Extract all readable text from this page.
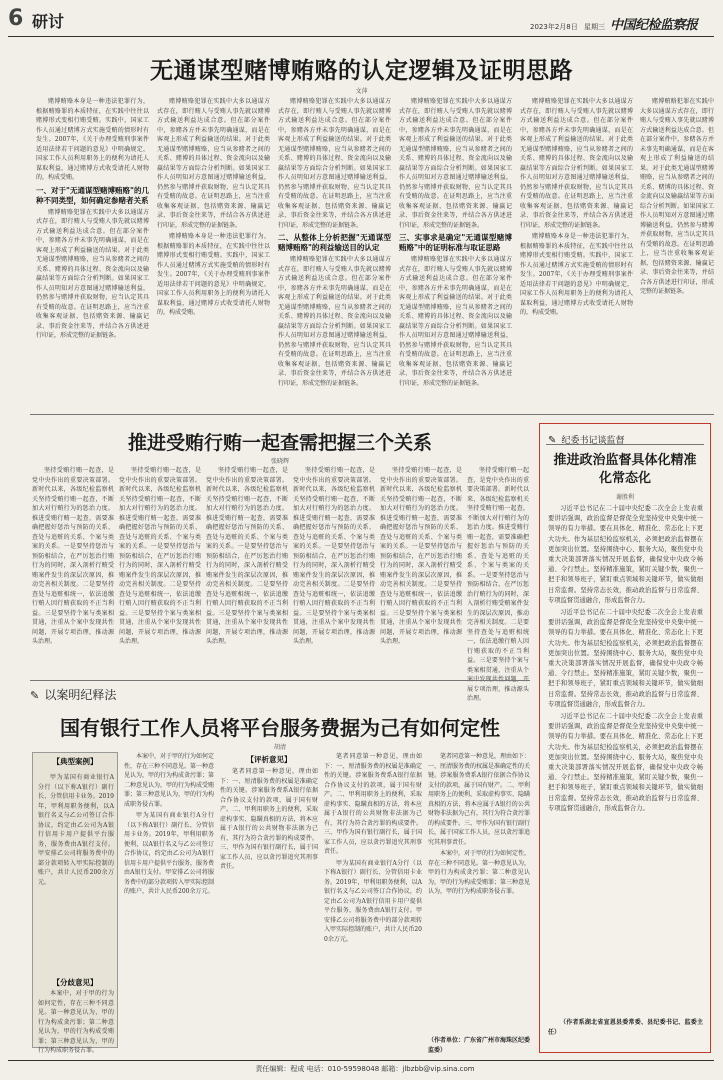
6 研讨	2023年2月8日 星期三 中国纪检监察报
无通谋型赌博贿赂的认定逻辑及证明思路
文萍

赌博贿赂本身是一种违法犯罪行为，根据贿赂罪的本质特征，在实践中往往以赌博形式变相行贿受贿。实践中，国家工作人员通过赌博方式实施受贿的情形时有发生。2007年，《关于办理受贿刑事案件适用法律若干问题的意见》中明确规定，国家工作人员利用职务上的便利为请托人谋取利益，通过赌博方式收受请托人财物的，构成受贿。

一、对于"无通谋型赌博贿赂"的几种不同类型，如何确定参赌者关系

赌博贿赂犯罪在实践中大多以通谋方式存在，即行贿人与受贿人事先就以赌博方式输送利益达成合意。但在部分案件中，参赌各方并未事先明确通谋，而是在客观上形成了利益输送的结果。对于此类无通谋型赌博贿赂，应当从参赌者之间的关系、赌博的具体过程、资金流向以及输赢结果等方面综合分析判断。如果国家工作人员明知对方意图通过赌博输送利益，仍然参与赌博并获取财物，应当认定其具有受贿的故意。在证明思路上，应当注重收集客观证据，包括赌资来源、输赢记录、事后资金往来等，并结合各方供述进行印证，形成完整的证据链条。

赌博贿赂犯罪在实践中大多以通谋方式存在，即行贿人与受贿人事先就以赌博方式输送利益达成合意。但在部分案件中，参赌各方并未事先明确通谋，而是在客观上形成了利益输送的结果。对于此类无通谋型赌博贿赂，应当从参赌者之间的关系、赌博的具体过程、资金流向以及输赢结果等方面综合分析判断。如果国家工作人员明知对方意图通过赌博输送利益，仍然参与赌博并获取财物，应当认定其具有受贿的故意。在证明思路上，应当注重收集客观证据，包括赌资来源、输赢记录、事后资金往来等，并结合各方供述进行印证，形成完整的证据链条。

赌博贿赂本身是一种违法犯罪行为，根据贿赂罪的本质特征，在实践中往往以赌博形式变相行贿受贿。实践中，国家工作人员通过赌博方式实施受贿的情形时有发生。2007年，《关于办理受贿刑事案件适用法律若干问题的意见》中明确规定，国家工作人员利用职务上的便利为请托人谋取利益，通过赌博方式收受请托人财物的，构成受贿。

赌博贿赂犯罪在实践中大多以通谋方式存在，即行贿人与受贿人事先就以赌博方式输送利益达成合意。但在部分案件中，参赌各方并未事先明确通谋，而是在客观上形成了利益输送的结果。对于此类无通谋型赌博贿赂，应当从参赌者之间的关系、赌博的具体过程、资金流向以及输赢结果等方面综合分析判断。如果国家工作人员明知对方意图通过赌博输送利益，仍然参与赌博并获取财物，应当认定其具有受贿的故意。在证明思路上，应当注重收集客观证据，包括赌资来源、输赢记录、事后资金往来等，并结合各方供述进行印证，形成完整的证据链条。

二、从整体上分析把握"无通谋型赌博贿赂"的利益输送目的认定

赌博贿赂犯罪在实践中大多以通谋方式存在，即行贿人与受贿人事先就以赌博方式输送利益达成合意。但在部分案件中，参赌各方并未事先明确通谋，而是在客观上形成了利益输送的结果。对于此类无通谋型赌博贿赂，应当从参赌者之间的关系、赌博的具体过程、资金流向以及输赢结果等方面综合分析判断。如果国家工作人员明知对方意图通过赌博输送利益，仍然参与赌博并获取财物，应当认定其具有受贿的故意。在证明思路上，应当注重收集客观证据，包括赌资来源、输赢记录、事后资金往来等，并结合各方供述进行印证，形成完整的证据链条。

赌博贿赂犯罪在实践中大多以通谋方式存在，即行贿人与受贿人事先就以赌博方式输送利益达成合意。但在部分案件中，参赌各方并未事先明确通谋，而是在客观上形成了利益输送的结果。对于此类无通谋型赌博贿赂，应当从参赌者之间的关系、赌博的具体过程、资金流向以及输赢结果等方面综合分析判断。如果国家工作人员明知对方意图通过赌博输送利益，仍然参与赌博并获取财物，应当认定其具有受贿的故意。在证明思路上，应当注重收集客观证据，包括赌资来源、输赢记录、事后资金往来等，并结合各方供述进行印证，形成完整的证据链条。

三、实事求是确定"无通谋型赌博贿赂"中的证明标准与取证思路

赌博贿赂犯罪在实践中大多以通谋方式存在，即行贿人与受贿人事先就以赌博方式输送利益达成合意。但在部分案件中，参赌各方并未事先明确通谋，而是在客观上形成了利益输送的结果。对于此类无通谋型赌博贿赂，应当从参赌者之间的关系、赌博的具体过程、资金流向以及输赢结果等方面综合分析判断。如果国家工作人员明知对方意图通过赌博输送利益，仍然参与赌博并获取财物，应当认定其具有受贿的故意。在证明思路上，应当注重收集客观证据，包括赌资来源、输赢记录、事后资金往来等，并结合各方供述进行印证，形成完整的证据链条。

赌博贿赂犯罪在实践中大多以通谋方式存在，即行贿人与受贿人事先就以赌博方式输送利益达成合意。但在部分案件中，参赌各方并未事先明确通谋，而是在客观上形成了利益输送的结果。对于此类无通谋型赌博贿赂，应当从参赌者之间的关系、赌博的具体过程、资金流向以及输赢结果等方面综合分析判断。如果国家工作人员明知对方意图通过赌博输送利益，仍然参与赌博并获取财物，应当认定其具有受贿的故意。在证明思路上，应当注重收集客观证据，包括赌资来源、输赢记录、事后资金往来等，并结合各方供述进行印证，形成完整的证据链条。

赌博贿赂本身是一种违法犯罪行为，根据贿赂罪的本质特征，在实践中往往以赌博形式变相行贿受贿。实践中，国家工作人员通过赌博方式实施受贿的情形时有发生。2007年，《关于办理受贿刑事案件适用法律若干问题的意见》中明确规定，国家工作人员利用职务上的便利为请托人谋取利益，通过赌博方式收受请托人财物的，构成受贿。

赌博贿赂犯罪在实践中大多以通谋方式存在，即行贿人与受贿人事先就以赌博方式输送利益达成合意。但在部分案件中，参赌各方并未事先明确通谋，而是在客观上形成了利益输送的结果。对于此类无通谋型赌博贿赂，应当从参赌者之间的关系、赌博的具体过程、资金流向以及输赢结果等方面综合分析判断。如果国家工作人员明知对方意图通过赌博输送利益，仍然参与赌博并获取财物，应当认定其具有受贿的故意。在证明思路上，应当注重收集客观证据，包括赌资来源、输赢记录、事后资金往来等，并结合各方供述进行印证，形成完整的证据链条。

推进受贿行贿一起查需把握三个关系
张晓辉

坚持受贿行贿一起查，是党中央作出的重要决策部署。新时代以来，各级纪检监察机关坚持受贿行贿一起查，不断加大对行贿行为的惩治力度。推进受贿行贿一起查，需要准确把握好惩治与预防的关系、查处与追赃的关系、个案与类案的关系。一是要坚持惩治与预防相结合，在严厉惩治行贿行为的同时，深入剖析行贿受贿案件发生的深层次原因，推动完善相关制度。二是要坚持查处与追赃相统一，依法追缴行贿人因行贿获取的不正当利益。三是要坚持个案与类案相贯通，注重从个案中发现共性问题，开展专项治理，推动源头治理。

坚持受贿行贿一起查，是党中央作出的重要决策部署。新时代以来，各级纪检监察机关坚持受贿行贿一起查，不断加大对行贿行为的惩治力度。推进受贿行贿一起查，需要准确把握好惩治与预防的关系、查处与追赃的关系、个案与类案的关系。一是要坚持惩治与预防相结合，在严厉惩治行贿行为的同时，深入剖析行贿受贿案件发生的深层次原因，推动完善相关制度。二是要坚持查处与追赃相统一，依法追缴行贿人因行贿获取的不正当利益。三是要坚持个案与类案相贯通，注重从个案中发现共性问题，开展专项治理，推动源头治理。

坚持受贿行贿一起查，是党中央作出的重要决策部署。新时代以来，各级纪检监察机关坚持受贿行贿一起查，不断加大对行贿行为的惩治力度。推进受贿行贿一起查，需要准确把握好惩治与预防的关系、查处与追赃的关系、个案与类案的关系。一是要坚持惩治与预防相结合，在严厉惩治行贿行为的同时，深入剖析行贿受贿案件发生的深层次原因，推动完善相关制度。二是要坚持查处与追赃相统一，依法追缴行贿人因行贿获取的不正当利益。三是要坚持个案与类案相贯通，注重从个案中发现共性问题，开展专项治理，推动源头治理。

坚持受贿行贿一起查，是党中央作出的重要决策部署。新时代以来，各级纪检监察机关坚持受贿行贿一起查，不断加大对行贿行为的惩治力度。推进受贿行贿一起查，需要准确把握好惩治与预防的关系、查处与追赃的关系、个案与类案的关系。一是要坚持惩治与预防相结合，在严厉惩治行贿行为的同时，深入剖析行贿受贿案件发生的深层次原因，推动完善相关制度。二是要坚持查处与追赃相统一，依法追缴行贿人因行贿获取的不正当利益。三是要坚持个案与类案相贯通，注重从个案中发现共性问题，开展专项治理，推动源头治理。

坚持受贿行贿一起查，是党中央作出的重要决策部署。新时代以来，各级纪检监察机关坚持受贿行贿一起查，不断加大对行贿行为的惩治力度。推进受贿行贿一起查，需要准确把握好惩治与预防的关系、查处与追赃的关系、个案与类案的关系。一是要坚持惩治与预防相结合，在严厉惩治行贿行为的同时，深入剖析行贿受贿案件发生的深层次原因，推动完善相关制度。二是要坚持查处与追赃相统一，依法追缴行贿人因行贿获取的不正当利益。三是要坚持个案与类案相贯通，注重从个案中发现共性问题，开展专项治理，推动源头治理。

坚持受贿行贿一起查，是党中央作出的重要决策部署。新时代以来，各级纪检监察机关坚持受贿行贿一起查，不断加大对行贿行为的惩治力度。推进受贿行贿一起查，需要准确把握好惩治与预防的关系、查处与追赃的关系、个案与类案的关系。一是要坚持惩治与预防相结合，在严厉惩治行贿行为的同时，深入剖析行贿受贿案件发生的深层次原因，推动完善相关制度。二是要坚持查处与追赃相统一，依法追缴行贿人因行贿获取的不正当利益。三是要坚持个案与类案相贯通，注重从个案中发现共性问题，开展专项治理，推动源头治理。

✎ 纪委书记谈监督
推进政治监督具体化精准化常态化
谢胜利

习近平总书记在二十届中央纪委二次全会上发表重要讲话强调，政治监督是督促全党坚持党中央集中统一领导的有力举措。要在具体化、精准化、常态化上下更大功夫。作为基层纪检监察机关，必须把政治监督摆在更加突出位置。坚持围绕中心、服务大局，聚焦党中央重大决策部署落实情况开展监督，确保党中央政令畅通、令行禁止。坚持精准施策，紧盯关键少数，聚焦一把手和领导班子，紧盯重点领域和关键环节，做实做细日常监督。坚持常态长效，推动政治监督与日常监督、专项监督贯通融合，形成监督合力。

习近平总书记在二十届中央纪委二次全会上发表重要讲话强调，政治监督是督促全党坚持党中央集中统一领导的有力举措。要在具体化、精准化、常态化上下更大功夫。作为基层纪检监察机关，必须把政治监督摆在更加突出位置。坚持围绕中心、服务大局，聚焦党中央重大决策部署落实情况开展监督，确保党中央政令畅通、令行禁止。坚持精准施策，紧盯关键少数，聚焦一把手和领导班子，紧盯重点领域和关键环节，做实做细日常监督。坚持常态长效，推动政治监督与日常监督、专项监督贯通融合，形成监督合力。

习近平总书记在二十届中央纪委二次全会上发表重要讲话强调，政治监督是督促全党坚持党中央集中统一领导的有力举措。要在具体化、精准化、常态化上下更大功夫。作为基层纪检监察机关，必须把政治监督摆在更加突出位置。坚持围绕中心、服务大局，聚焦党中央重大决策部署落实情况开展监督，确保党中央政令畅通、令行禁止。坚持精准施策，紧盯关键少数，聚焦一把手和领导班子，紧盯重点领域和关键环节，做实做细日常监督。坚持常态长效，推动政治监督与日常监督、专项监督贯通融合，形成监督合力。

（作者系湖北省宣恩县委常委、县纪委书记、监委主任）
✎ 以案明纪释法
国有银行工作人员将平台服务费据为己有如何定性
胡清
【典型案例】

甲为某国有商业银行A分行（以下称A银行）副行长、分管信用卡业务。2019年，甲利用职务便利，以A银行名义与乙公司签订合作协议，约定由乙公司为A银行信用卡用户提供平台服务，服务费由A银行支付。甲安排乙公司将服务费中的部分款项转入甲实际控制的账户，共计人民币200余万元。

【分歧意见】

本案中，对于甲的行为如何定性，存在三种不同意见。第一种意见认为，甲的行为构成贪污罪；第二种意见认为，甲的行为构成受贿罪；第三种意见认为，甲的行为构成职务侵占罪。

本案中，对于甲的行为如何定性，存在三种不同意见。第一种意见认为，甲的行为构成贪污罪；第二种意见认为，甲的行为构成受贿罪；第三种意见认为，甲的行为构成职务侵占罪。

甲为某国有商业银行A分行（以下称A银行）副行长、分管信用卡业务。2019年，甲利用职务便利，以A银行名义与乙公司签订合作协议，约定由乙公司为A银行信用卡用户提供平台服务，服务费由A银行支付。甲安排乙公司将服务费中的部分款项转入甲实际控制的账户，共计人民币200余万元。

【评析意见】

笔者同意第一种意见，理由如下：一、厘清服务费的权属是准确定性的关键。涉案服务费系A银行依据合作协议支付的款项，属于国有财产。二、甲利用职务上的便利，采取虚构事实、隐瞒真相的方法，将本应属于A银行的公共财物非法据为己有，其行为符合贪污罪的构成要件。三、甲作为国有银行副行长，属于国家工作人员，应以贪污罪追究其刑事责任。

笔者同意第一种意见，理由如下：一、厘清服务费的权属是准确定性的关键。涉案服务费系A银行依据合作协议支付的款项，属于国有财产。二、甲利用职务上的便利，采取虚构事实、隐瞒真相的方法，将本应属于A银行的公共财物非法据为己有，其行为符合贪污罪的构成要件。三、甲作为国有银行副行长，属于国家工作人员，应以贪污罪追究其刑事责任。

甲为某国有商业银行A分行（以下称A银行）副行长、分管信用卡业务。2019年，甲利用职务便利，以A银行名义与乙公司签订合作协议，约定由乙公司为A银行信用卡用户提供平台服务，服务费由A银行支付。甲安排乙公司将服务费中的部分款项转入甲实际控制的账户，共计人民币200余万元。

笔者同意第一种意见，理由如下：一、厘清服务费的权属是准确定性的关键。涉案服务费系A银行依据合作协议支付的款项，属于国有财产。二、甲利用职务上的便利，采取虚构事实、隐瞒真相的方法，将本应属于A银行的公共财物非法据为己有，其行为符合贪污罪的构成要件。三、甲作为国有银行副行长，属于国家工作人员，应以贪污罪追究其刑事责任。

本案中，对于甲的行为如何定性，存在三种不同意见。第一种意见认为，甲的行为构成贪污罪；第二种意见认为，甲的行为构成受贿罪；第三种意见认为，甲的行为构成职务侵占罪。

（作者单位：广东省广州市海珠区纪委监委）
责任编辑：程成 电话：010-59598048 邮箱：jlbzbb@vip.sina.com
